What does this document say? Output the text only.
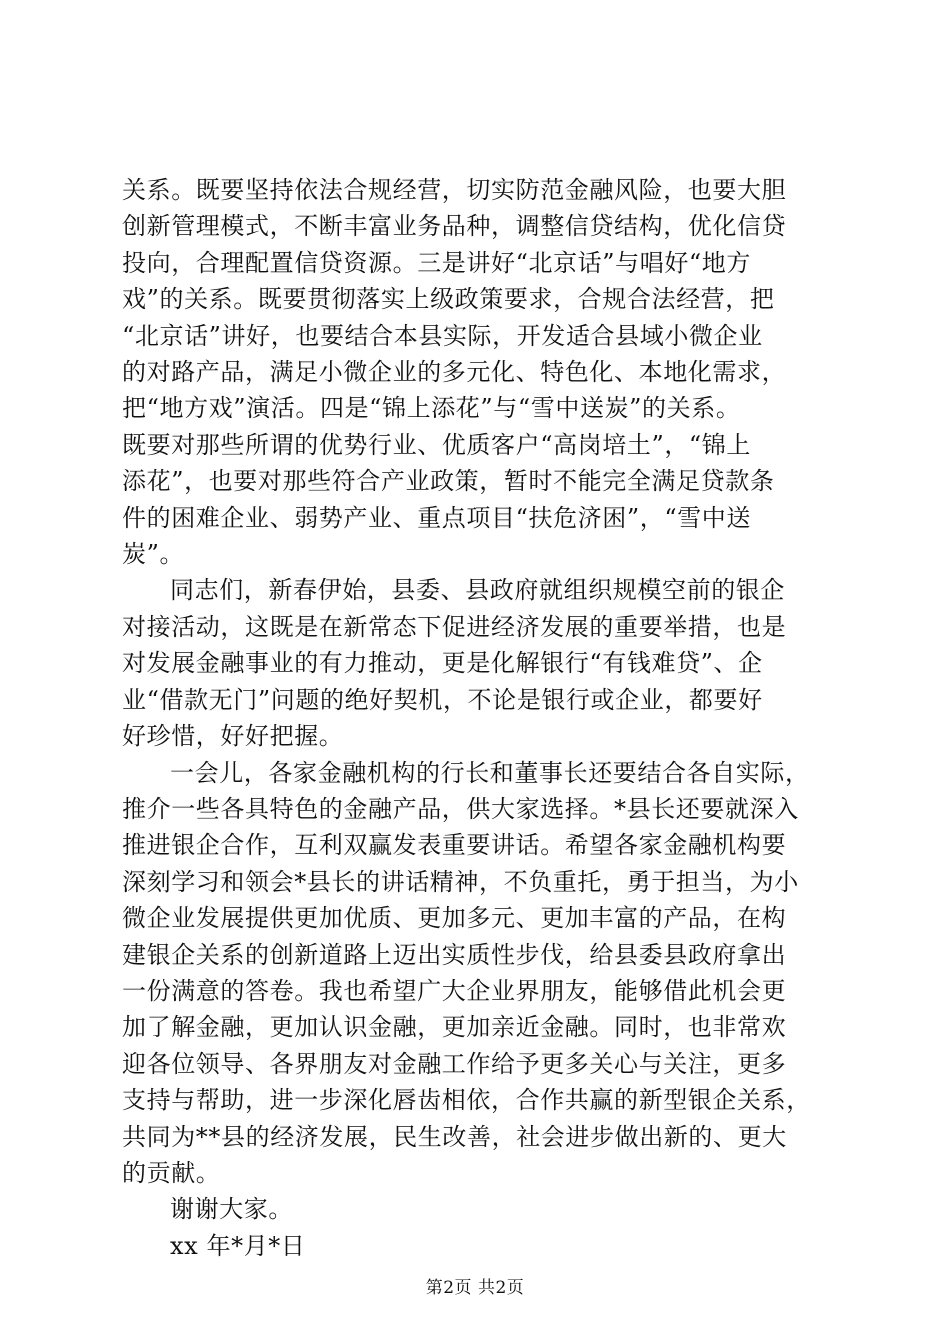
关系。既要坚持依法合规经营，切实防范金融风险，也要大胆
创新管理模式，不断丰富业务品种，调整信贷结构，优化信贷
投向，合理配置信贷资源。三是讲好“北京话”与唱好“地方
戏”的关系。既要贯彻落实上级政策要求，合规合法经营，把
“北京话”讲好，也要结合本县实际，开发适合县域小微企业
的对路产品，满足小微企业的多元化、特色化、本地化需求，
把“地方戏”演活。四是“锦上添花”与“雪中送炭”的关系。
既要对那些所谓的优势行业、优质客户“高岗培土”，“锦上
添花”，也要对那些符合产业政策，暂时不能完全满足贷款条
件的困难企业、弱势产业、重点项目“扶危济困”，“雪中送
炭”。
同志们，新春伊始，县委、县政府就组织规模空前的银企
对接活动，这既是在新常态下促进经济发展的重要举措，也是
对发展金融事业的有力推动，更是化解银行“有钱难贷”、企
业“借款无门”问题的绝好契机，不论是银行或企业，都要好
好珍惜，好好把握。
一会儿，各家金融机构的行长和董事长还要结合各自实际，
推介一些各具特色的金融产品，供大家选择。*县长还要就深入
推进银企合作，互利双赢发表重要讲话。希望各家金融机构要
深刻学习和领会*县长的讲话精神，不负重托，勇于担当，为小
微企业发展提供更加优质、更加多元、更加丰富的产品，在构
建银企关系的创新道路上迈出实质性步伐，给县委县政府拿出
一份满意的答卷。我也希望广大企业界朋友，能够借此机会更
加了解金融，更加认识金融，更加亲近金融。同时，也非常欢
迎各位领导、各界朋友对金融工作给予更多关心与关注，更多
支持与帮助，进一步深化唇齿相依，合作共赢的新型银企关系，
共同为**县的经济发展，民生改善，社会进步做出新的、更大
的贡献。
谢谢大家。
xx 年*月*日
第2页 共2页
